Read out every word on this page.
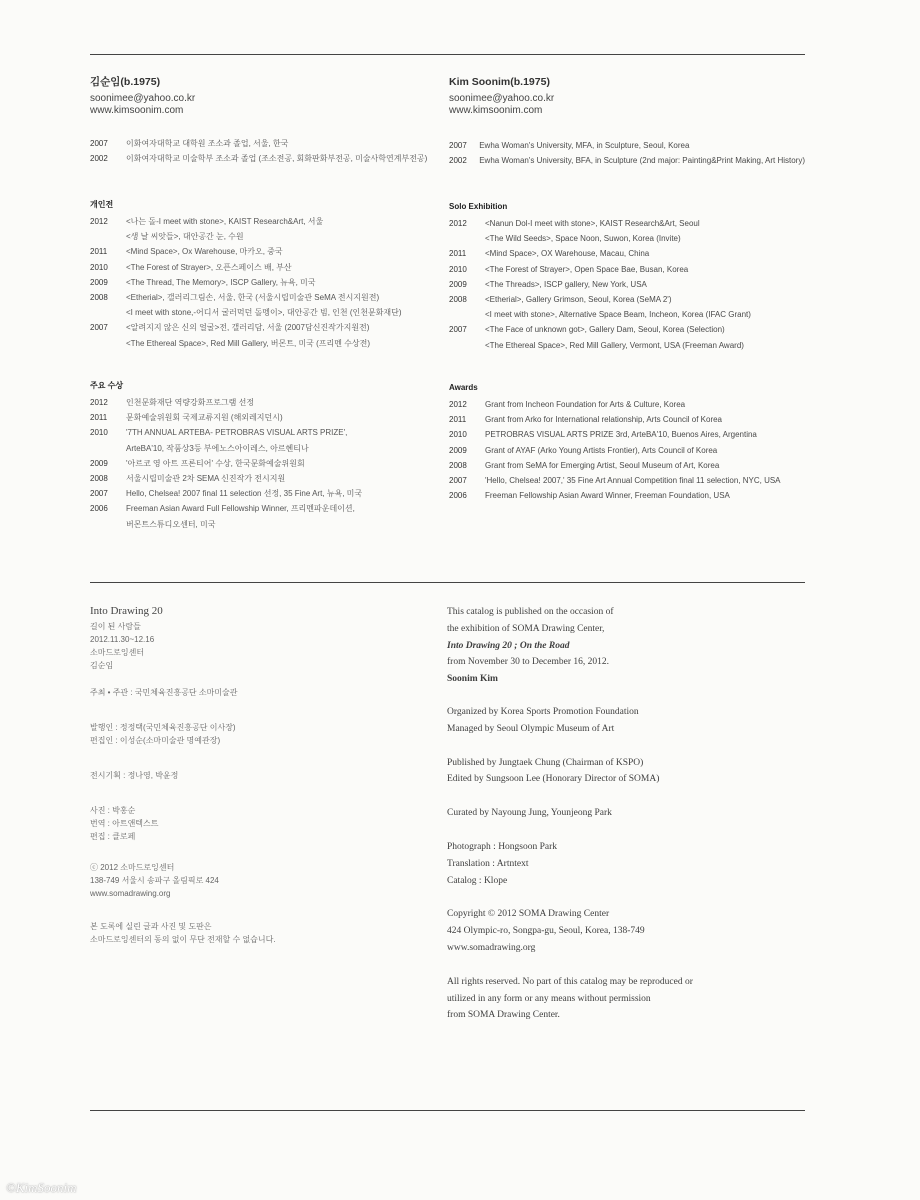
김순임(b.1975)

soonimee@yahoo.co.kr
www.kimsoonim.com
2007	이화여자대학교 대학원 조소과 졸업, 서울, 한국
2002	이화여자대학교 미술학부 조소과 졸업 (조소전공, 회화판화부전공, 미술사학연계부전공)

개인전

2012	<나는 돌-I meet with stone>, KAIST Research&Art, 서울
<생 날 씨앗들>, 대안공간 눈, 수원

2011	<Mind Space>, Ox Warehouse, 마카오, 중국

2010	<The Forest of Strayer>, 오픈스페이스 배, 부산

2009	<The Thread, The Memory>, ISCP Gallery, 뉴욕, 미국

2008	<Etherial>, 갤러리그림손, 서울, 한국 (서울시립미술관 SeMA 전시지원전)
<I meet with stone,-어디서 굴러먹던 돌멩이>, 대안공간 빔, 인천 (인천문화재단)

2007	<알려지지 않은 신의 얼굴>전, 갤러리담, 서울 (2007담신진작가지원전)
<The Ethereal Space>, Red Mill Gallery, 버몬트, 미국 (프리멘 수상전)

주요 수상

2012	인천문화재단 역량강화프로그램 선정

2011	문화예술위원회 국제교류지원 (해외레지던시)

2010	'7TH ANNUAL ARTEBA- PETROBRAS VISUAL ARTS PRIZE',
ArteBA'10, 작품상3등 부에노스아이레스, 아르헨티나

2009	'아르코 영 아트 프론티어' 수상, 한국문화예술위원회

2008	서울시립미술관 2차 SEMA 신진작가 전시지원

2007	Hello, Chelsea! 2007 final 11 selection 선정, 35 Fine Art, 뉴욕, 미국

2006	Freeman Asian Award Full Fellowship Winner, 프리멘파운데이션,
버몬트스튜디오센터, 미국

Kim Soonim(b.1975)

soonimee@yahoo.co.kr
www.kimsoonim.com
2007	Ewha Woman's University, MFA, in Sculpture, Seoul, Korea
2002	Ewha Woman's University, BFA, in Sculpture (2nd major: Painting&Print Making, Art History)

Solo Exhibition

2012	<Nanun Dol-I meet with stone>, KAIST Research&Art, Seoul
<The Wild Seeds>, Space Noon, Suwon, Korea (Invite)

2011	<Mind Space>, OX Warehouse, Macau, China

2010	<The Forest of Strayer>, Open Space Bae, Busan, Korea

2009	<The Threads>, ISCP gallery, New York, USA

2008	<Etherial>, Gallery Grimson, Seoul, Korea (SeMA 2')
<I meet with stone>, Alternative Space Beam, Incheon, Korea (IFAC Grant)

2007	<The Face of unknown got>, Gallery Dam, Seoul, Korea (Selection)
<The Ethereal Space>, Red Mill Gallery, Vermont, USA (Freeman Award)

Awards

2012	Grant from Incheon Foundation for Arts & Culture, Korea

2011	Grant from Arko for International relationship, Arts Council of Korea

2010	PETROBRAS VISUAL ARTS PRIZE 3rd, ArteBA'10, Buenos Aires, Argentina

2009	Grant of AYAF (Arko Young Artists Frontier), Arts Council of Korea

2008	Grant from SeMA for Emerging Artist, Seoul Museum of Art, Korea

2007	'Hello, Chelsea! 2007,' 35 Fine Art Annual Competition final 11 selection, NYC, USA

2006	Freeman Fellowship Asian Award Winner, Freeman Foundation, USA
Into Drawing 20
길이 된 사람들
2012.11.30~12.16
소마드로잉센터
김순임
주최 • 주관 : 국민체육진흥공단 소마미술관
발행인 : 정정택(국민체육진흥공단 이사장)
편집인 : 이성순(소마미술관 명예관장)
전시기획 : 정나영, 박윤정
사진 : 박홍순
번역 : 아트앤텍스트
편집 : 클로페
ⓒ 2012 소마드로잉센터
138-749 서울시 송파구 올림픽로 424
www.somadrawing.org
본 도록에 실린 글과 사진 및 도판은
소마드로잉센터의 동의 없이 무단 전재할 수 없습니다.
This catalog is published on the occasion of
the exhibition of SOMA Drawing Center,
Into Drawing 20 ; On the Road
from November 30 to December 16, 2012.
Soonim Kim
Organized by Korea Sports Promotion Foundation
Managed by Seoul Olympic Museum of Art
Published by Jungtaek Chung (Chairman of KSPO)
Edited by Sungsoon Lee (Honorary Director of SOMA)
Curated by Nayoung Jung, Younjeong Park
Photograph : Hongsoon Park
Translation : Artntext
Catalog : Klope
Copyright © 2012 SOMA Drawing Center
424 Olympic-ro, Songpa-gu, Seoul, Korea, 138-749
www.somadrawing.org
All rights reserved. No part of this catalog may be reproduced or
utilized in any form or any means without permission
from SOMA Drawing Center.
©KimSoonim
